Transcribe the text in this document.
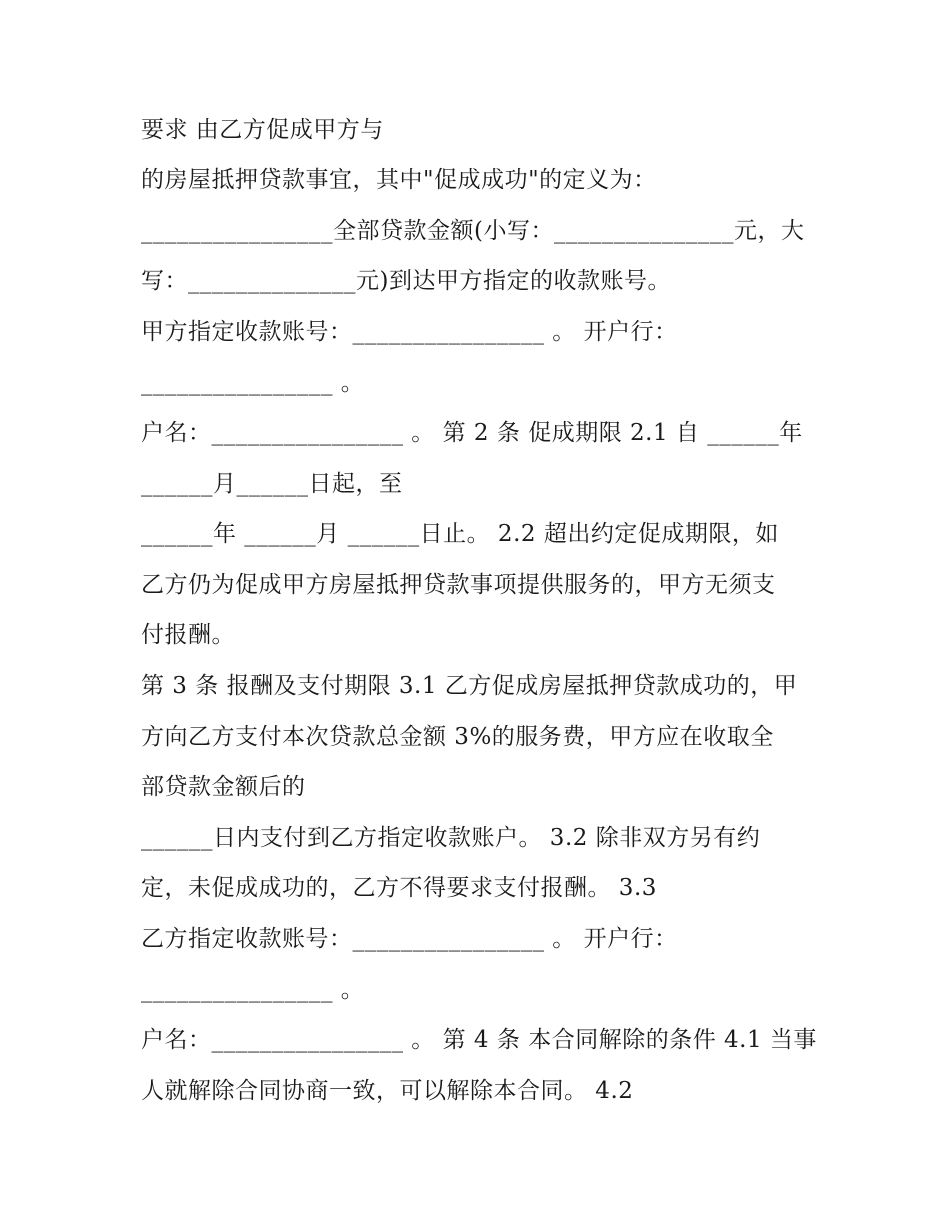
要求 由乙方促成甲方与
的房屋抵押贷款事宜，其中"促成成功"的定义为：
________________全部贷款金额(小写：_______________元，大
写：______________元)到达甲方指定的收款账号。
甲方指定收款账号：________________ 。 开户行：
________________ 。
户名：________________ 。 第 2 条 促成期限 2.1 自 ______年
______月______日起，至
______年 ______月 ______日止。 2.2 超出约定促成期限，如
乙方仍为促成甲方房屋抵押贷款事项提供服务的，甲方无须支
付报酬。
第 3 条 报酬及支付期限 3.1 乙方促成房屋抵押贷款成功的，甲
方向乙方支付本次贷款总金额 3%的服务费，甲方应在收取全
部贷款金额后的
______日内支付到乙方指定收款账户。 3.2 除非双方另有约
定，未促成成功的，乙方不得要求支付报酬。 3.3
乙方指定收款账号：________________ 。 开户行：
________________ 。
户名：________________ 。 第 4 条 本合同解除的条件 4.1 当事
人就解除合同协商一致，可以解除本合同。 4.2
